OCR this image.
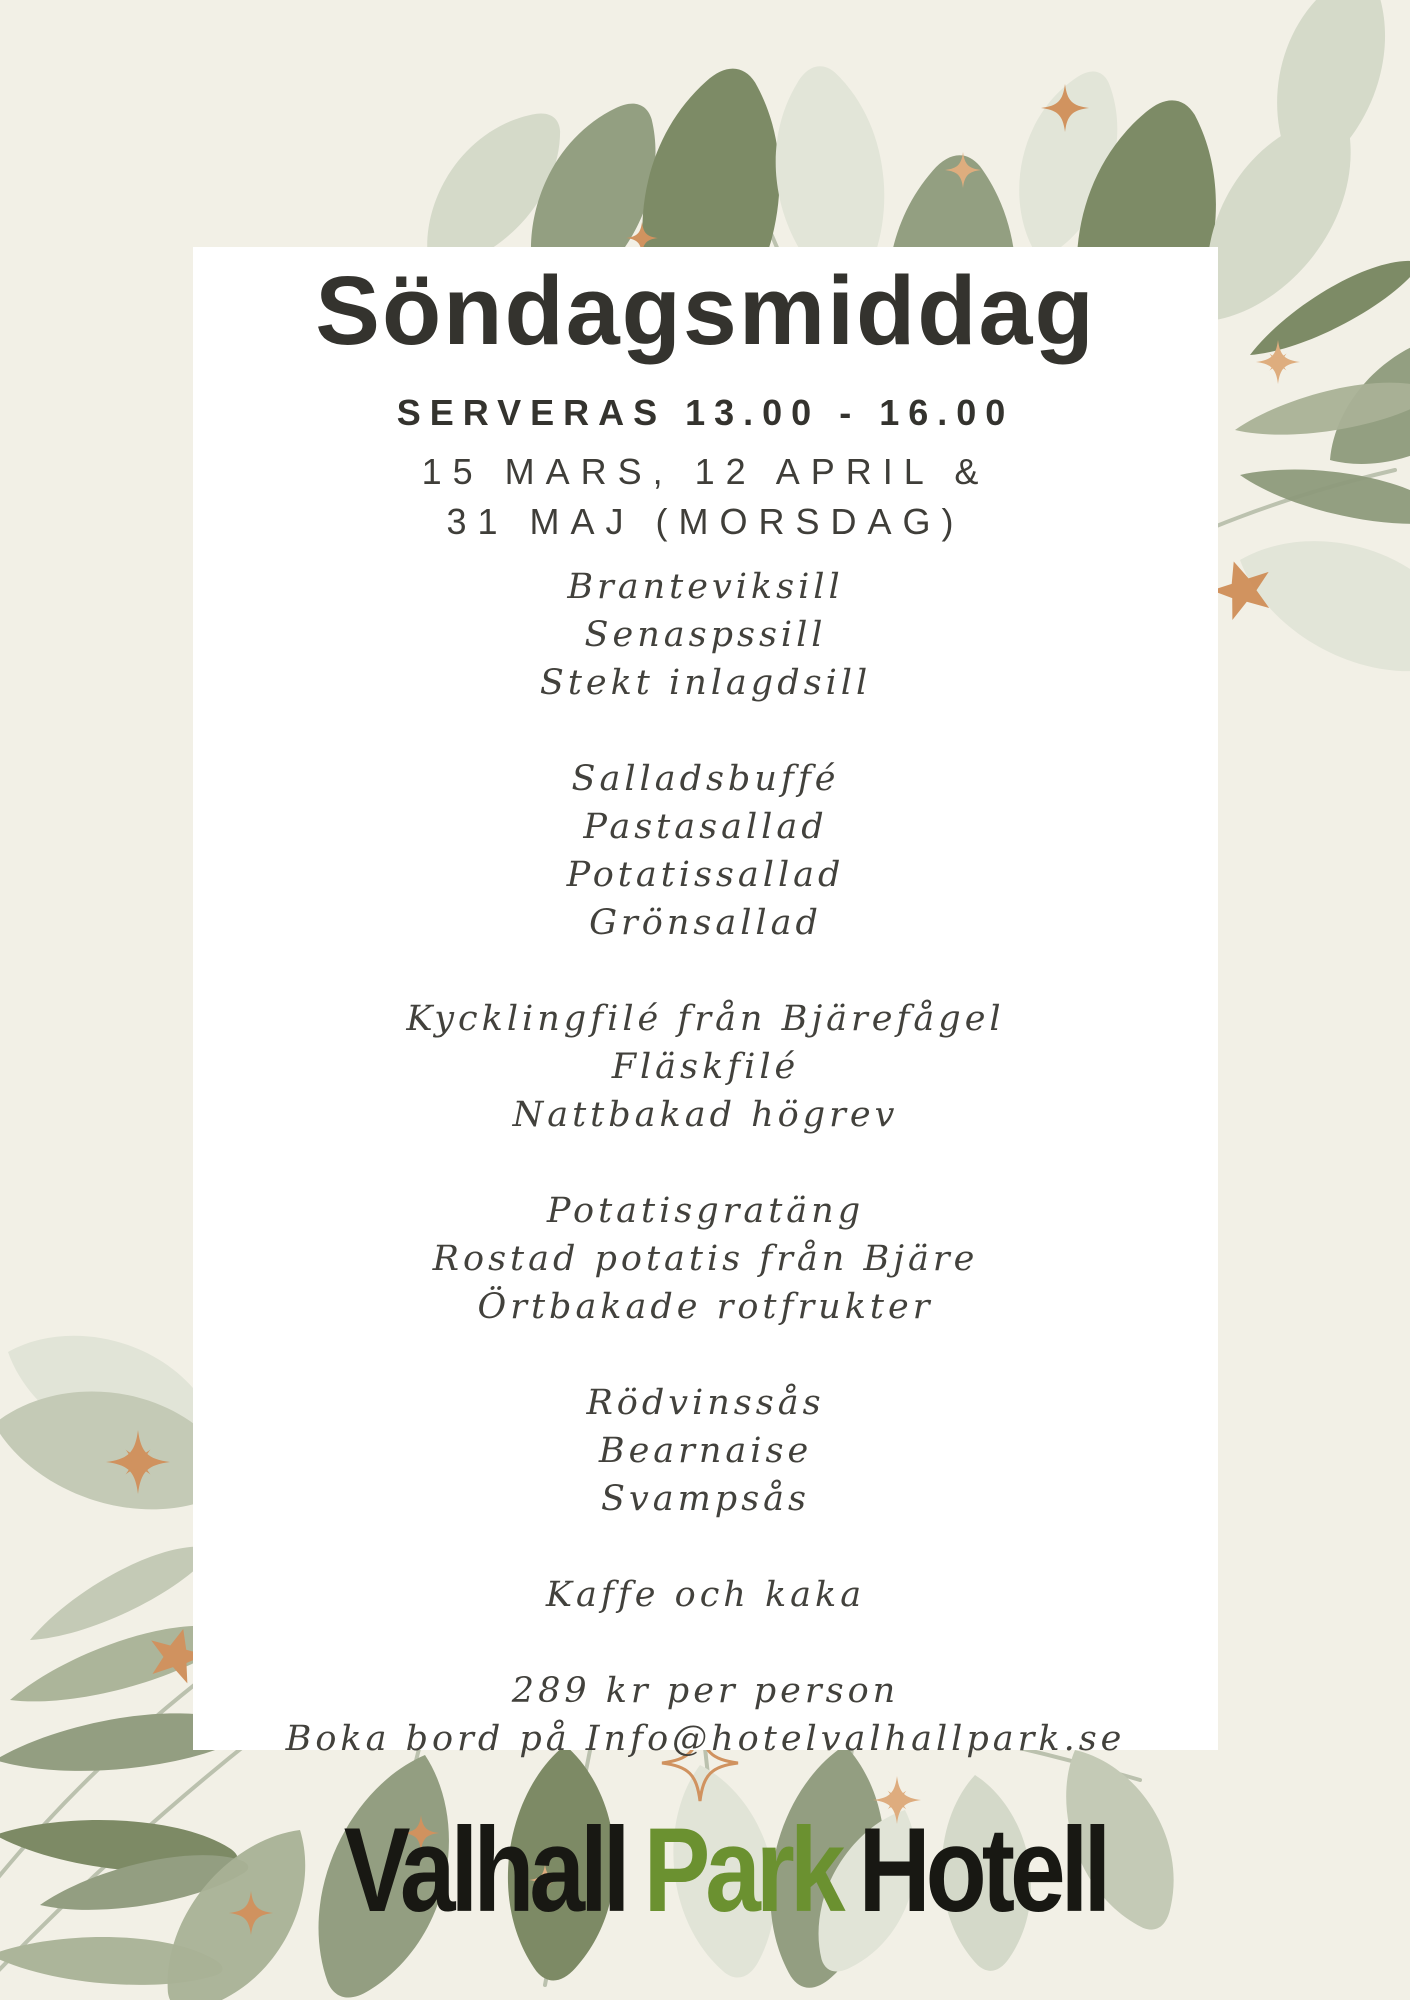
Söndagsmiddag
SERVERAS 13.00 - 16.00
15 MARS, 12 APRIL &
31 MAJ (MORSDAG)
Branteviksill
Senaspssill
Stekt inlagdsill
Salladsbuffé
Pastasallad
Potatissallad
Grönsallad
Kycklingfilé från Bjärefågel
Fläskfilé
Nattbakad högrev
Potatisgratäng
Rostad potatis från Bjäre
Örtbakade rotfrukter
Rödvinssås
Bearnaise
Svampsås
Kaffe och kaka
289 kr per person
Boka bord på Info@hotelvalhallpark.se
Valhall Park Hotell
